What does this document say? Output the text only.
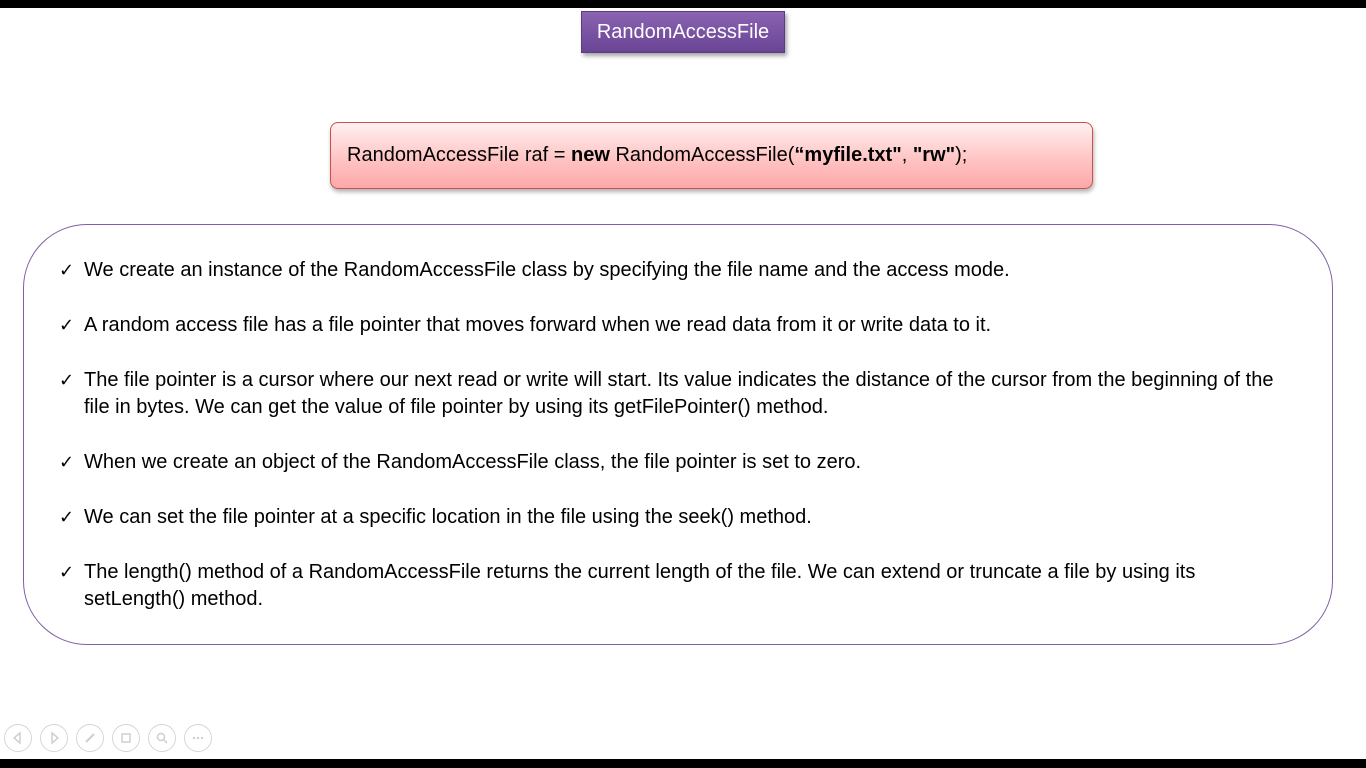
RandomAccessFile
RandomAccessFile raf = new RandomAccessFile( “myfile.txt" , "rw" );
✓ We create an instance of the RandomAccessFile class by specifying the file name and the access mode.
✓ A random access file has a file pointer that moves forward when we read data from it or write data to it.
✓ The file pointer is a cursor where our next read or write will start. Its value indicates the distance of the cursor from the beginning of the file in bytes. We can get the value of file pointer by using its getFilePointer() method.
✓ When we create an object of the RandomAccessFile class, the file pointer is set to zero.
✓ We can set the file pointer at a specific location in the file using the seek() method.
✓ The length() method of a RandomAccessFile returns the current length of the file. We can extend or truncate a file by using its setLength() method.
